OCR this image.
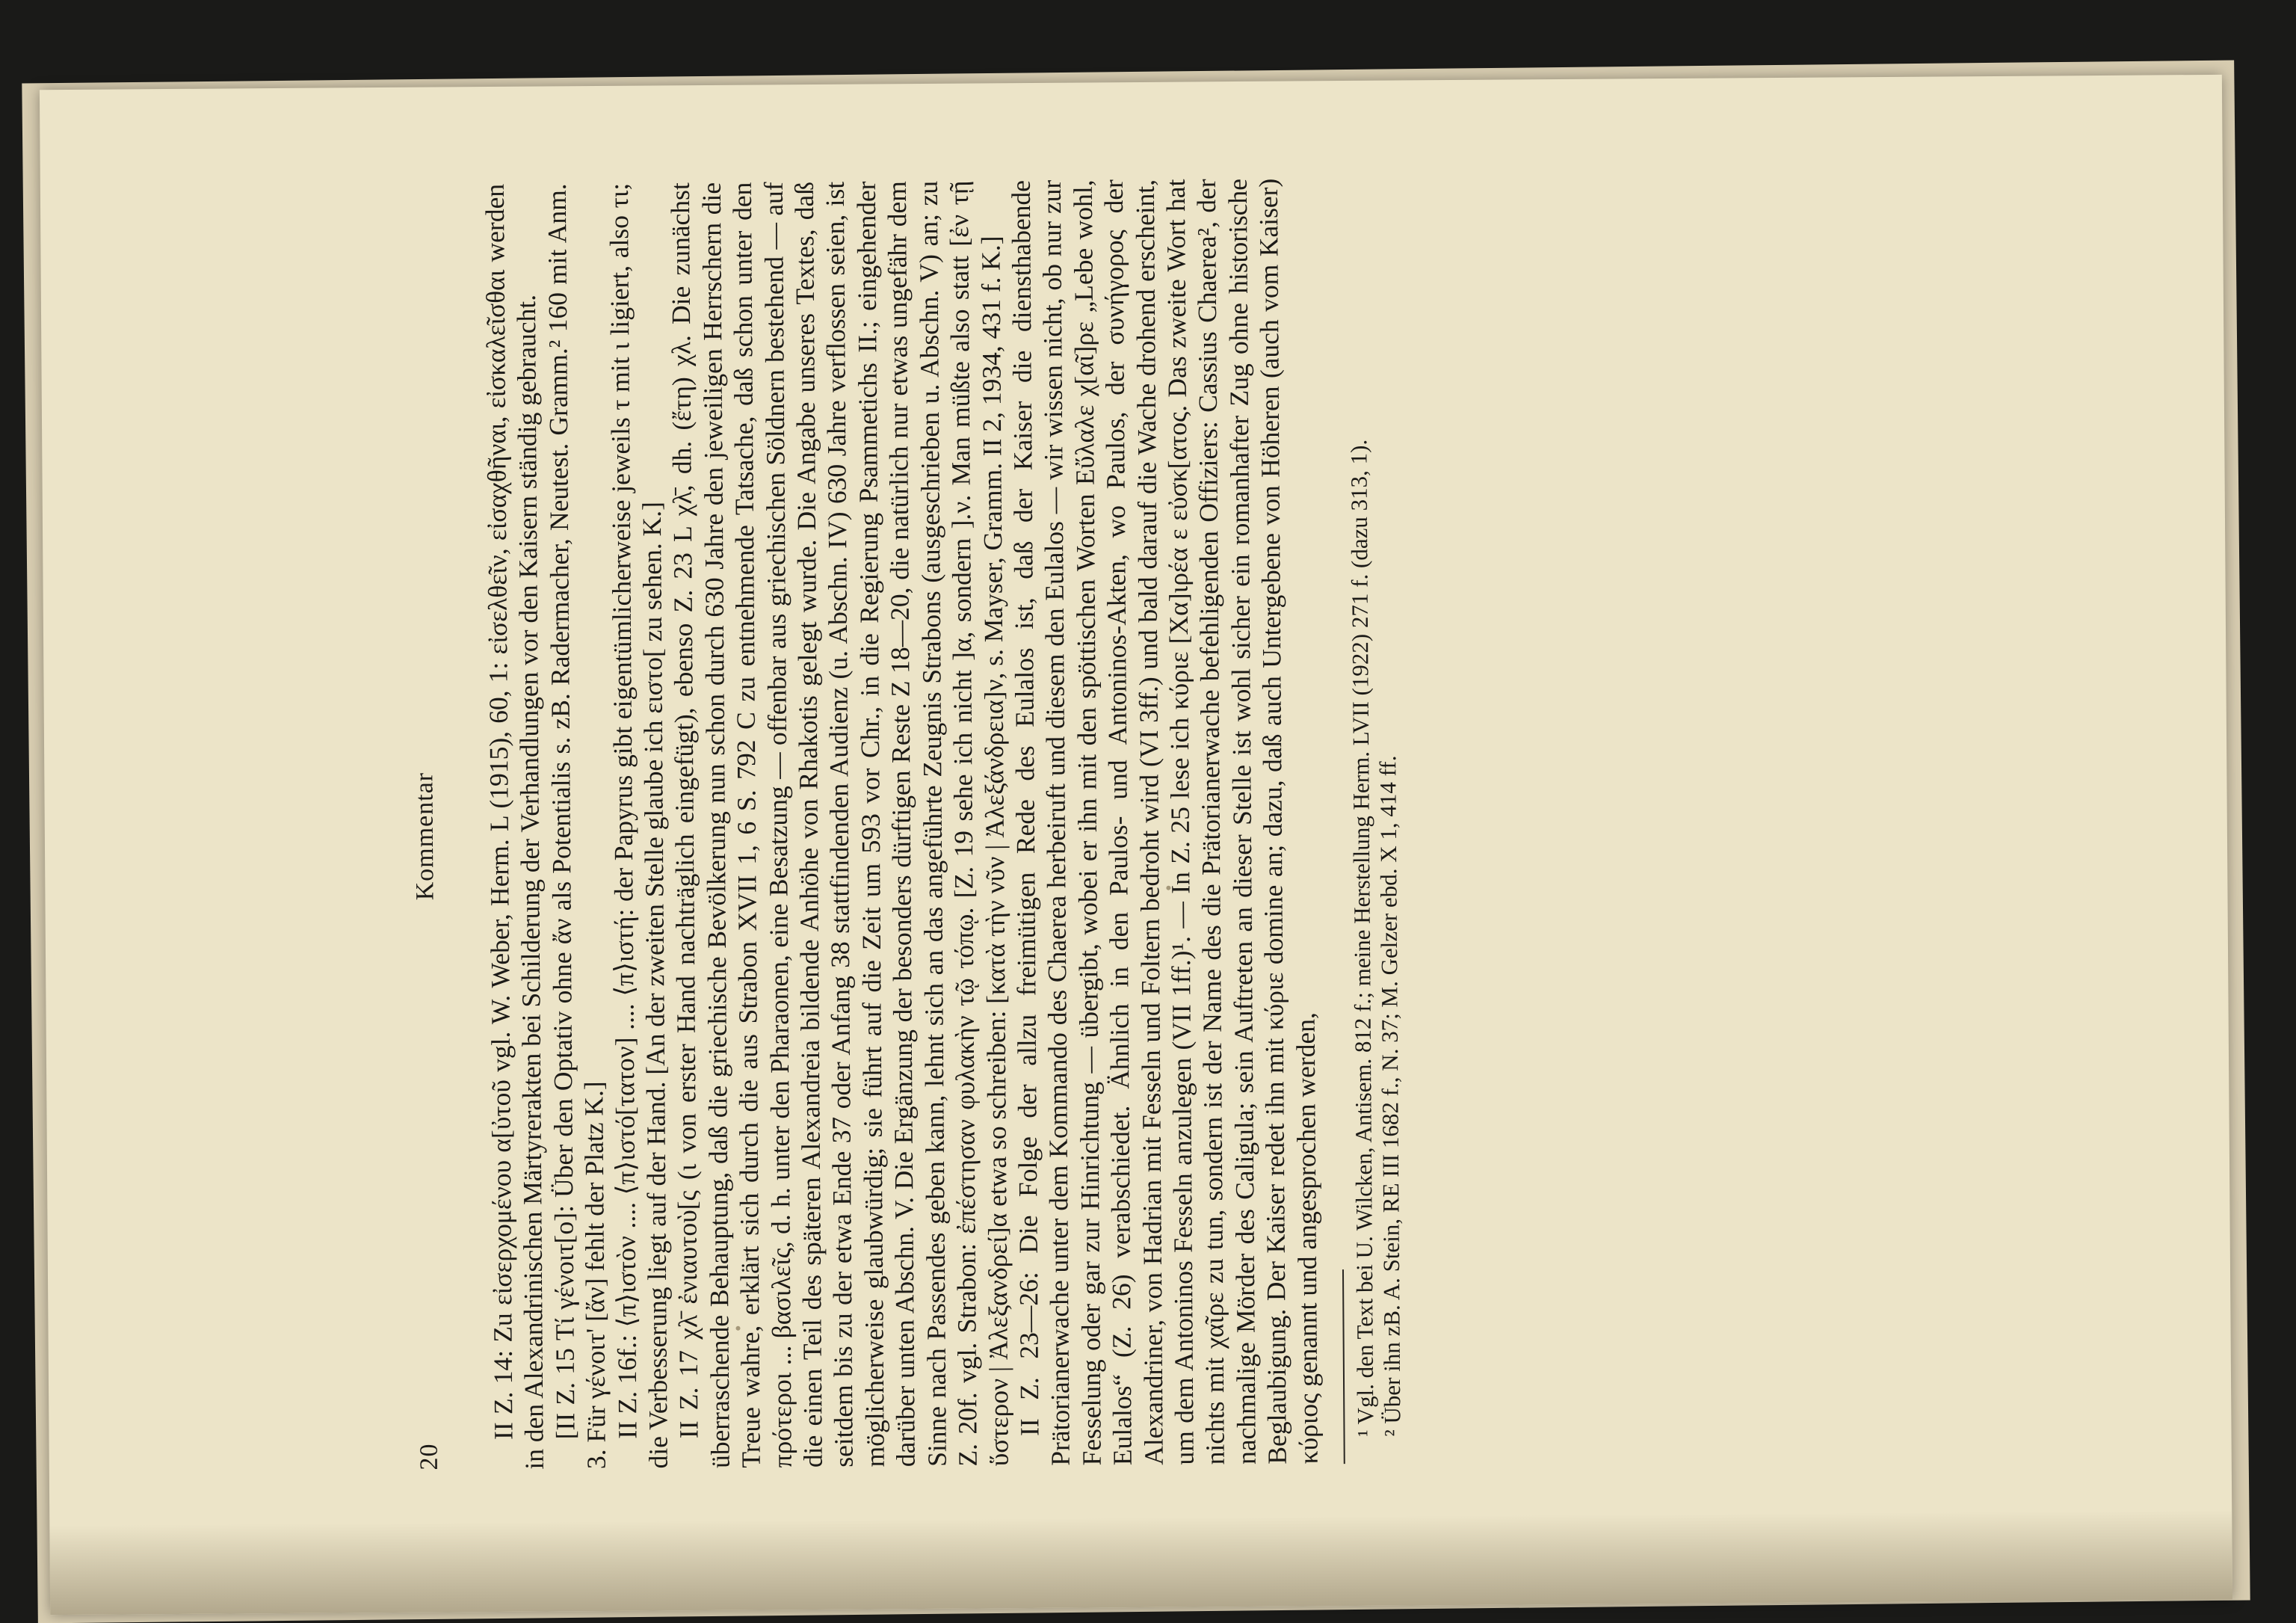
20
Kommentar II Z. 14: Zu εἰσερχομένου α[ὐτοῦ vgl. W. Weber, Herm. L (1915), 60, 1: εἰσελθεῖν, εἰσαχθῆναι, εἰσκαλεῖσθαι werden in den Alexandrinischen Märtyrerakten bei Schilderung der Verhandlungen vor den Kaisern ständig gebraucht.

[II Z. 15 Τί γένοιτ[ο]: Über den Optativ ohne ἄν als Potentialis s. zB. Radermacher, Neutest. Gramm.² 160 mit Anm. 3. Für γένοιτ' [ἄν] fehlt der Platz K.]

II Z. 16f.: ⟨π⟩ιστὸν .... ⟨π⟩ιστό[τατον] .... ⟨π⟩ιστή: der Papyrus gibt eigentümlicherweise jeweils τ mit ι ligiert, also τι; die Verbesserung liegt auf der Hand. [An der zweiten Stelle glaube ich ειστο[ zu sehen. K.]

II Z. 17 χλ̄ ἐνιαυτοὺ[ς (ι von erster Hand nachträglich eingefügt), ebenso Z. 23 L χλ̄, dh. (ἔτη) χλ. Die zunächst überraschende Behauptung, daß die griechische Bevölkerung nun schon durch 630 Jahre den jeweiligen Herrschern die Treue wahre, erklärt sich durch die aus Strabon XVII 1, 6 S. 792 C zu entnehmende Tatsache, daß schon unter den πρότεροι ... βασιλεῖς, d. h. unter den Pharaonen, eine Besatzung — offenbar aus griechischen Söldnern bestehend — auf die einen Teil des späteren Alexandreia bildende Anhöhe von Rhakotis gelegt wurde. Die Angabe unseres Textes, daß seitdem bis zu der etwa Ende 37 oder Anfang 38 stattfindenden Audienz (u. Abschn. IV) 630 Jahre verflossen seien, ist möglicherweise glaubwürdig; sie führt auf die Zeit um 593 vor Chr., in die Regierung Psammetichs II.; eingehender darüber unten Abschn. V. Die Ergänzung der besonders dürftigen Reste Z 18—20, die natürlich nur etwas ungefähr dem Sinne nach Passendes geben kann, lehnt sich an das angeführte Zeugnis Strabons (ausgeschrieben u. Abschn. V) an; zu Z. 20f. vgl. Strabon: ἐπέστησαν φυλακὴν τῷ τόπῳ. [Z. 19 sehe ich nicht ]α, sondern ].ν. Man müßte also statt [ἐν τῇ ὕστερον | Ἀλεξανδρεί]α etwa so schreiben: [κατὰ τὴν νῦν | Ἀλεξάνδρεια]ν, s. Mayser, Gramm. II 2, 1934, 431 f. K.]

II Z. 23—26: Die Folge der allzu freimütigen Rede des Eulalos ist, daß der Kaiser die diensthabende Prätorianerwache unter dem Kommando des Chaerea herbeiruft und diesem den Eulalos — wir wissen nicht, ob nur zur Fesselung oder gar zur Hinrichtung — übergibt, wobei er ihn mit den spöttischen Worten Εὔλαλε χ[αῖ]ρε „Lebe wohl, Eulalos“ (Z. 26) verabschiedet. Ähnlich in den Paulos- und Antoninos-Akten, wo Paulos, der συνήγορος der Alexandriner, von Hadrian mit Fesseln und Foltern bedroht wird (VI 3ff.) und bald darauf die Wache drohend erscheint, um dem Antoninos Fesseln anzulegen (VII 1ff.)¹. — In Z. 25 lese ich κύριε [Χα]ιρέα ε εὐσκ[ατος. Das zweite Wort hat nichts mit χαῖρε zu tun, sondern ist der Name des die Prätorianerwache befehligenden Offiziers: Cassius Chaerea², der nachmalige Mörder des Caligula; sein Auftreten an dieser Stelle ist wohl sicher ein romanhafter Zug ohne historische Beglaubigung. Der Kaiser redet ihn mit κύριε domine an; dazu, daß auch Untergebene von Höheren (auch vom Kaiser) κύριος genannt und angesprochen werden, ¹ Vgl. den Text bei U. Wilcken, Antisem. 812 f.; meine Herstellung Herm. LVII (1922) 271 f. (dazu 313, 1).

² Über ihn zB. A. Stein, RE III 1682 f., N. 37; M. Gelzer ebd. X 1, 414 ff.
